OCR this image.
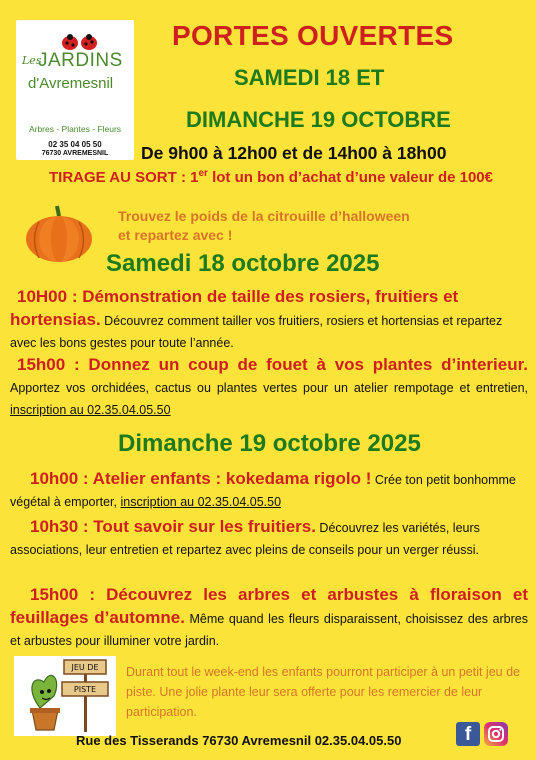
Les
JARDINS
d'Avremesnil
Arbres - Plantes - Fleurs
02 35 04 05 50
76730 AVREMESNIL
PORTES OUVERTES
SAMEDI 18 ET
DIMANCHE 19 OCTOBRE
De 9h00 à 12h00 et de 14h00 à 18h00
TIRAGE AU SORT : 1er lot un bon d’achat d’une valeur de 100€
Trouvez le poids de la citrouille d’halloween
et repartez avec !
Samedi 18 octobre 2025
10H00 : Démonstration de taille des rosiers, fruitiers et hortensias. Découvrez comment tailler vos fruitiers, rosiers et hortensias et repartez avec les bons gestes pour toute l’année.
15h00 : Donnez un coup de fouet à vos plantes d’interieur. Apportez vos orchidées, cactus ou plantes vertes pour un atelier rempotage et entretien, inscription au 02.35.04.05.50
Dimanche 19 octobre 2025
10h00 : Atelier enfants : kokedama rigolo ! Crée ton petit bonhomme végétal à emporter, inscription au 02.35.04.05.50
10h30 : Tout savoir sur les fruitiers. Découvrez les variétés, leurs associations, leur entretien et repartez avec pleins de conseils pour un verger réussi.
15h00 : Découvrez les arbres et arbustes à floraison et feuillages d’automne. Même quand les fleurs disparaissent, choisissez des arbres et arbustes pour illuminer votre jardin.
JEU DE
PISTE
Durant tout le week-end les enfants pourront participer à un petit jeu de piste. Une jolie plante leur sera offerte pour les remercier de leur participation.
Rue des Tisserands 76730 Avremesnil 02.35.04.05.50	f
